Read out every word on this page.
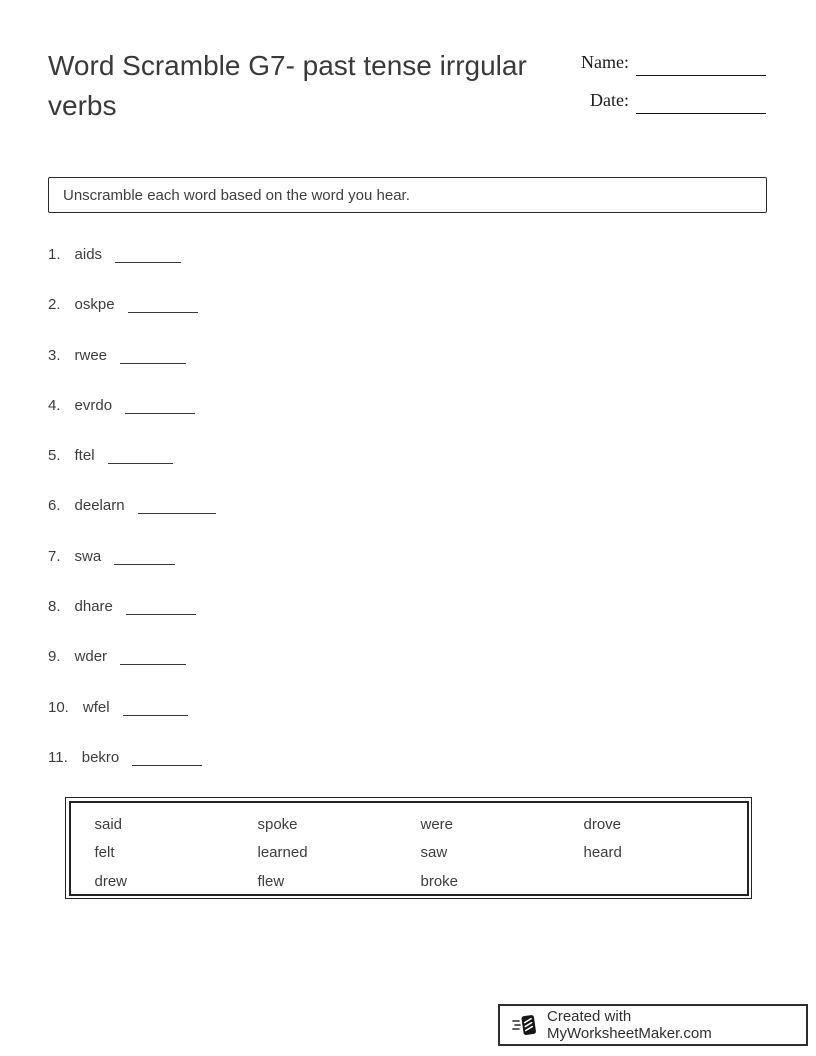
Word Scramble G7- past tense irrgular verbs
Name:
Date:
Unscramble each word based on the word you hear.
1. aids
2. oskpe
3. rwee
4. evrdo
5. ftel
6. deelarn
7. swa
8. dhare
9. wder
10. wfel
11. bekro
said	spoke	were	drove
felt	learned	saw	heard
drew	flew	broke
Created with MyWorksheetMaker.com
